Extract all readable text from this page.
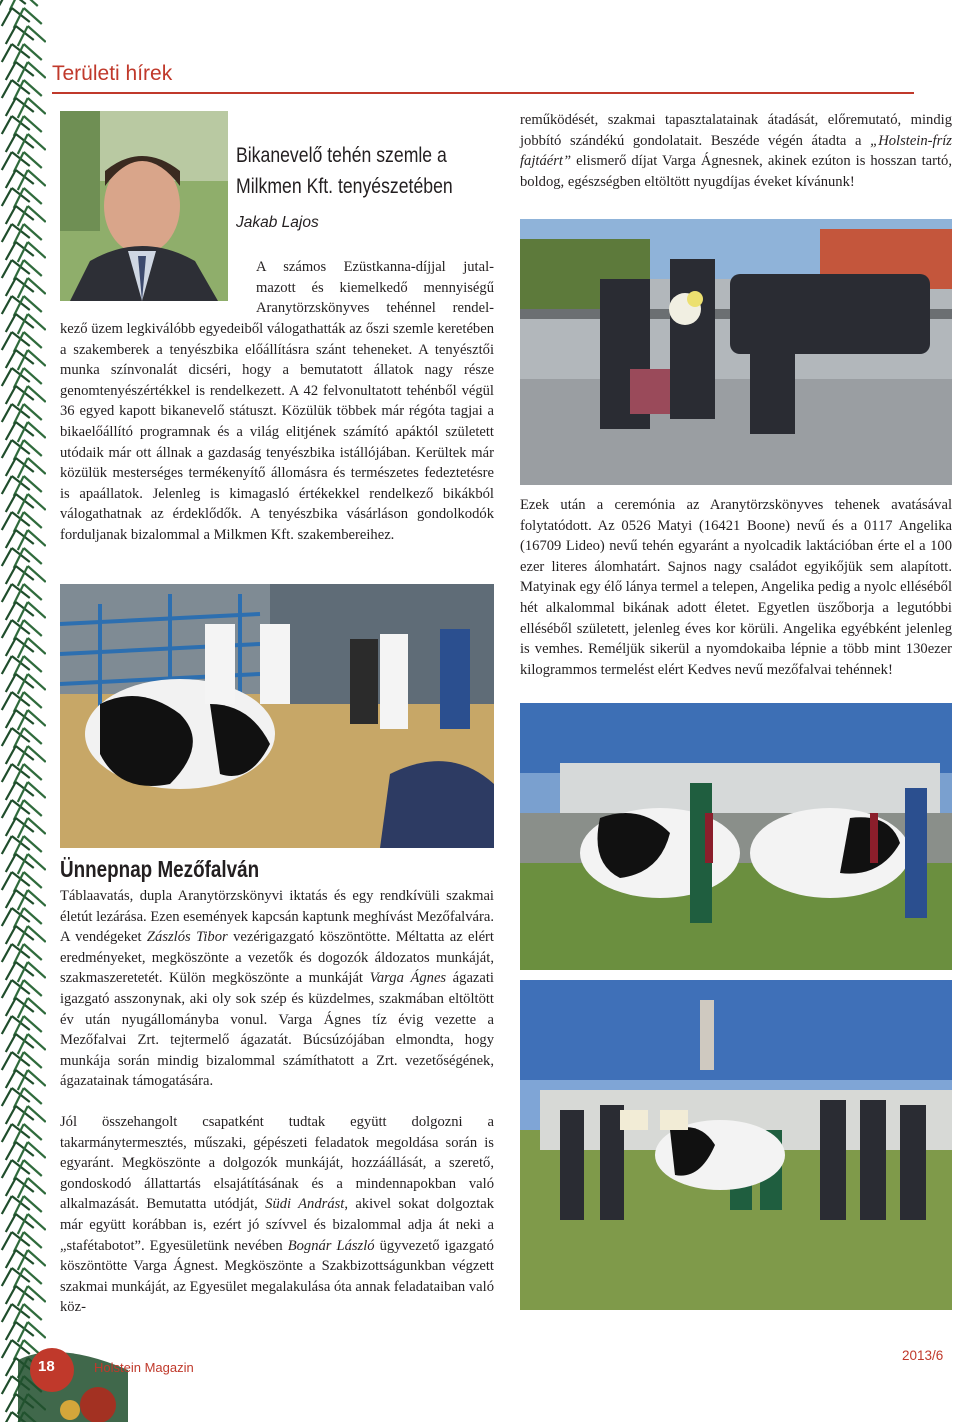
Területi hírek
Bikanevelő tehén szemle a
Milkmen Kft. tenyészetében
Jakab Lajos
A számos Ezüstkanna-díjjal jutal-
mazott és kiemelkedő mennyiségű
Aranytörzskönyves tehénnel rendel-

kező üzem legkiválóbb egyedeiből válogathatták az őszi szemle keretében a szakemberek a tenyészbika előállításra szánt teheneket. A tenyésztői munka színvonalát dicséri, hogy a bemutatott állatok nagy része genomtenyészértékkel is rendelkezett. A 42 felvonultatott tehénből végül 36 egyed kapott bikanevelő státuszt. Közülük többek már régóta tagjai a bikaelőállító programnak és a világ elitjének számító apáktól született utódaik már ott állnak a gazdaság tenyészbika istállójában. Kerültek már közülük mesterséges termékenyítő állomásra és természetes fedeztetésre is apaállatok. Jelenleg is kimagasló értékekkel rendelkező bikákból válogathatnak az érdeklődők. A tenyészbika vásárláson gondolkodók forduljanak bizalommal a Milkmen Kft. szakembereihez.

Ünnepnap Mezőfalván

Táblaavatás, dupla Aranytörzskönyvi iktatás és egy rendkívüli szakmai életút lezárása. Ezen események kapcsán kaptunk meghívást Mezőfalvára. A vendégeket Zászlós Tibor vezérigazgató köszöntötte. Méltatta az elért eredményeket, megköszönte a vezetők és dogozók áldozatos munkáját, szakmaszeretetét. Külön megköszönte a munkáját Varga Ágnes ágazati igazgató asszonynak, aki oly sok szép és küzdelmes, szakmában eltöltött év után nyugállományba vonul. Varga Ágnes tíz évig vezette a Mezőfalvai Zrt. tejtermelő ágazatát. Búcsúzójában elmondta, hogy munkája során mindig bizalommal számíthatott a Zrt. vezetőségének, ágazatainak támogatására.

Jól összehangolt csapatként tudtak együtt dolgozni a takarmánytermesztés, műszaki, gépészeti feladatok megoldása során is egyaránt. Megköszönte a dolgozók munkáját, hozzáállását, a szerető, gondoskodó állattartás elsajátításának és a mindennapokban való alkalmazását. Bemutatta utódját, Südi Andrást, akivel sokat dolgoztak már együtt korábban is, ezért jó szívvel és bizalommal adja át neki a „stafétabotot”. Egyesületünk nevében Bognár László ügyvezető igazgató köszöntötte Varga Ágnest. Megköszönte a Szakbizottságunkban végzett szakmai munkáját, az Egyesület megalakulása óta annak feladataiban való köz-

reműködését, szakmai tapasztalatainak átadását, előremutató, mindig jobbító szándékú gondolatait. Beszéde végén átadta a „Holstein-fríz fajtáért” elismerő díjat Varga Ágnesnek, akinek ezúton is hosszan tartó, boldog, egészségben eltöltött nyugdíjas éveket kívánunk!

Ezek után a ceremónia az Aranytörzskönyves tehenek avatásával folytatódott. Az 0526 Matyi (16421 Boone) nevű és a 0117 Angelika (16709 Lideo) nevű tehén egyaránt a nyolcadik laktációban érte el a 100 ezer literes álomhatárt. Sajnos nagy családot egyikőjük sem alapított. Matyinak egy élő lánya termel a telepen, Angelika pedig a nyolc elléséből hét alkalommal bikának adott életet. Egyetlen üszőborja a legutóbbi elléséből született, jelenleg éves kor körüli. Angelika egyébként jelenleg is vemhes. Reméljük sikerül a nyomdokaiba lépnie a több mint 130ezer kilogrammos termelést elért Kedves nevű mezőfalvai tehénnek!

18	Holstein Magazin
2013/6
